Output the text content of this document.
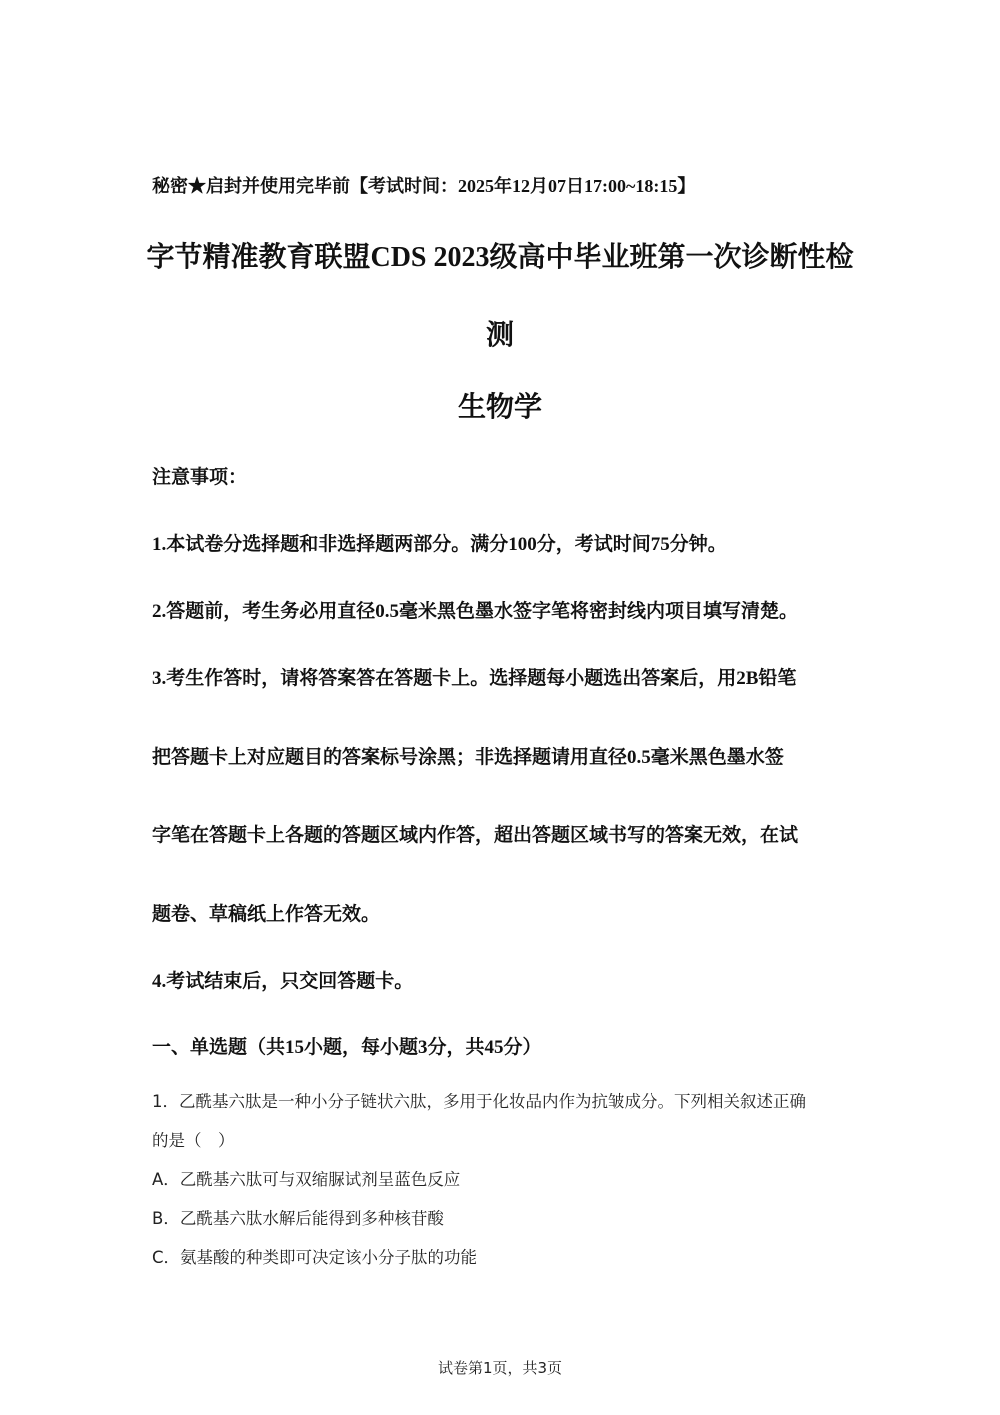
秘密★启封并使用完毕前【考试时间：2025年12月07日17:00~18:15】
字节精准教育联盟CDS 2023级高中毕业班第一次诊断性检
测
生物学
注意事项：
1.本试卷分选择题和非选择题两部分。满分100分，考试时间75分钟。
2.答题前，考生务必用直径0.5毫米黑色墨水签字笔将密封线内项目填写清楚。
3.考生作答时，请将答案答在答题卡上。选择题每小题选出答案后，用2B铅笔
把答题卡上对应题目的答案标号涂黑；非选择题请用直径0.5毫米黑色墨水签
字笔在答题卡上各题的答题区域内作答，超出答题区域书写的答案无效，在试
题卷、草稿纸上作答无效。
4.考试结束后，只交回答题卡。
一、单选题（共15小题，每小题3分，共45分）
1．乙酰基六肽是一种小分子链状六肽，多用于化妆品内作为抗皱成分。下列相关叙述正确
的是（　）
A．乙酰基六肽可与双缩脲试剂呈蓝色反应
B．乙酰基六肽水解后能得到多种核苷酸
C．氨基酸的种类即可决定该小分子肽的功能
试卷第1页，共3页
